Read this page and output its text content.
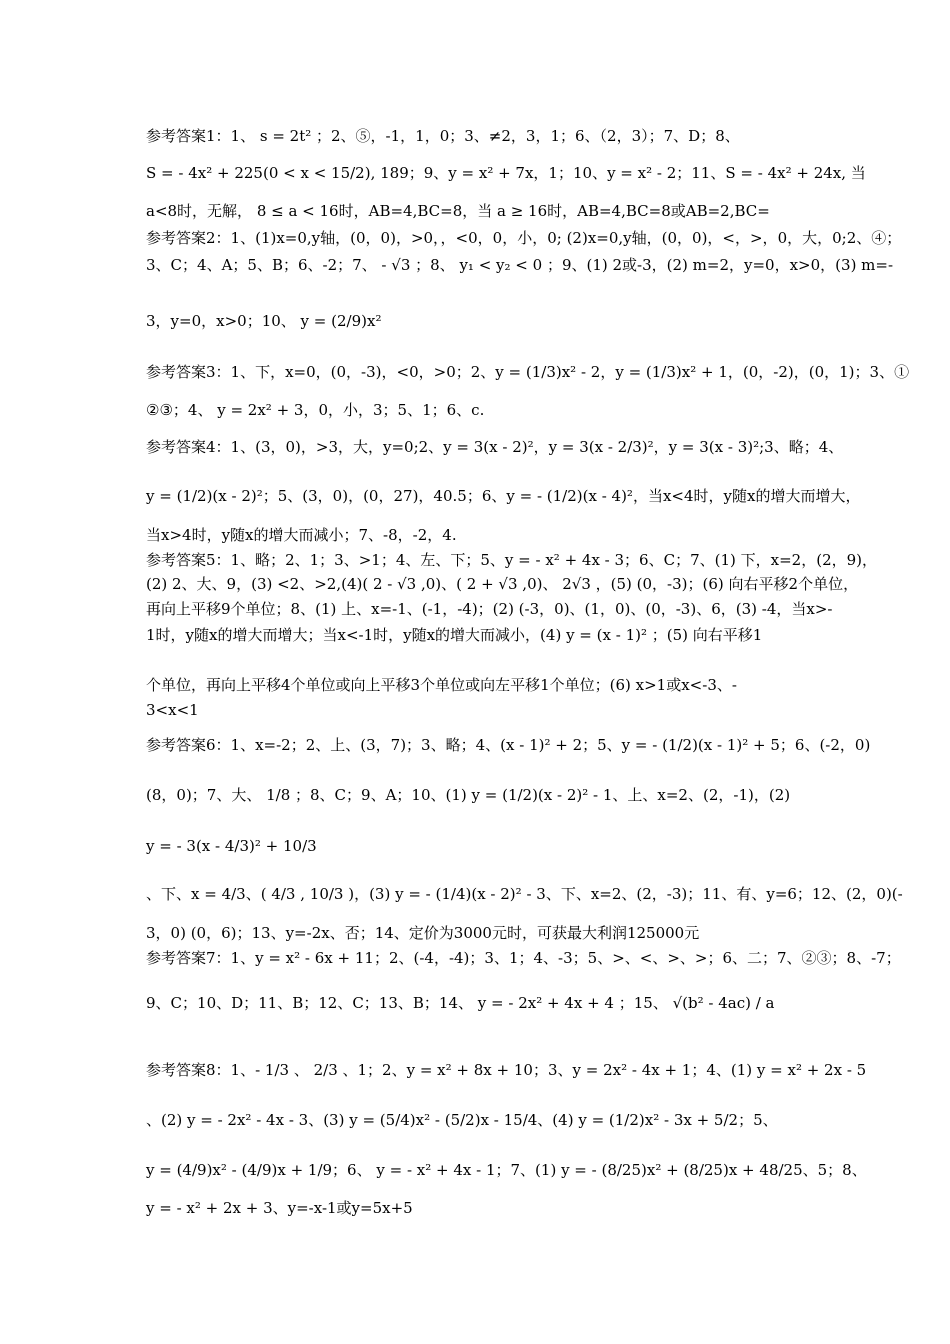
参考答案1：1、 s = 2t² ；2、⑤，-1，1，0；3、≠2，3，1；6、（2，3）；7、D；8、
S = - 4x² + 225(0 < x < 15/2), 189；9、y = x² + 7x，1；10、y = x² - 2；11、S = - 4x² + 24x, 当
a<8时，无解， 8 ≤ a < 16时，AB=4,BC=8，当 a ≥ 16时，AB=4,BC=8或AB=2,BC=
参考答案2：1、(1)x=0,y轴，(0，0)，>0，，<0，0，小，0; (2)x=0,y轴，(0，0)，<，>，0，大，0;2、④；
3、C；4、A；5、B；6、-2；7、 - √3 ；8、 y₁ < y₂ < 0 ；9、(1) 2或-3，(2) m=2，y=0，x>0，(3) m=-
3，y=0，x>0；10、 y = (2/9)x²
参考答案3：1、下，x=0，(0，-3)，<0，>0；2、y = (1/3)x² - 2，y = (1/3)x² + 1，(0，-2)，(0，1)；3、①
②③；4、 y = 2x² + 3，0，小，3；5、1；6、c.
参考答案4：1、(3，0)，>3，大，y=0;2、y = 3(x - 2)²，y = 3(x - 2/3)²，y = 3(x - 3)²;3、略；4、
y = (1/2)(x - 2)²；5、(3，0)，(0，27)，40.5；6、y = - (1/2)(x - 4)²，当x<4时，y随x的增大而增大，
当x>4时，y随x的增大而减小；7、-8，-2，4.
参考答案5：1、略；2、1；3、>1；4、左、下；5、y = - x² + 4x - 3；6、C；7、(1) 下，x=2，(2，9)，
(2) 2、大、9，(3) <2、>2,(4)( 2 - √3 ,0)、( 2 + √3 ,0)、 2√3 ，(5) (0，-3)；(6) 向右平移2个单位，
再向上平移9个单位；8、(1) 上、x=-1、(-1，-4)；(2) (-3，0)、(1，0)、(0，-3)、6，(3) -4，当x>-
1时，y随x的增大而增大；当x<-1时，y随x的增大而减小，(4) y = (x - 1)² ；(5) 向右平移1
个单位，再向上平移4个单位或向上平移3个单位或向左平移1个单位；(6) x>1或x<-3、-
3<x<1
参考答案6：1、x=-2；2、上、(3，7)；3、略；4、(x - 1)² + 2；5、y = - (1/2)(x - 1)² + 5；6、(-2，0)
(8，0)；7、大、 1/8 ；8、C；9、A；10、(1) y = (1/2)(x - 2)² - 1、上、x=2、(2，-1)，(2)
y = - 3(x - 4/3)² + 10/3
、下、x = 4/3、( 4/3 , 10/3 )，(3) y = - (1/4)(x - 2)² - 3、下、x=2、(2，-3)；11、有、y=6；12、(2，0)(-
3，0) (0，6)；13、y=-2x、否；14、定价为3000元时，可获最大利润125000元
参考答案7：1、y = x² - 6x + 11；2、(-4，-4)；3、1；4、-3；5、>、<、>、>；6、二；7、②③；8、-7；
9、C；10、D；11、B；12、C；13、B；14、 y = - 2x² + 4x + 4 ；15、 √(b² - 4ac) / a
参考答案8：1、- 1/3 、 2/3 、1；2、y = x² + 8x + 10；3、y = 2x² - 4x + 1；4、(1) y = x² + 2x - 5
、(2) y = - 2x² - 4x - 3、(3) y = (5/4)x² - (5/2)x - 15/4、(4) y = (1/2)x² - 3x + 5/2；5、
y = (4/9)x² - (4/9)x + 1/9；6、 y = - x² + 4x - 1；7、(1) y = - (8/25)x² + (8/25)x + 48/25、5；8、
y = - x² + 2x + 3、y=-x-1或y=5x+5
